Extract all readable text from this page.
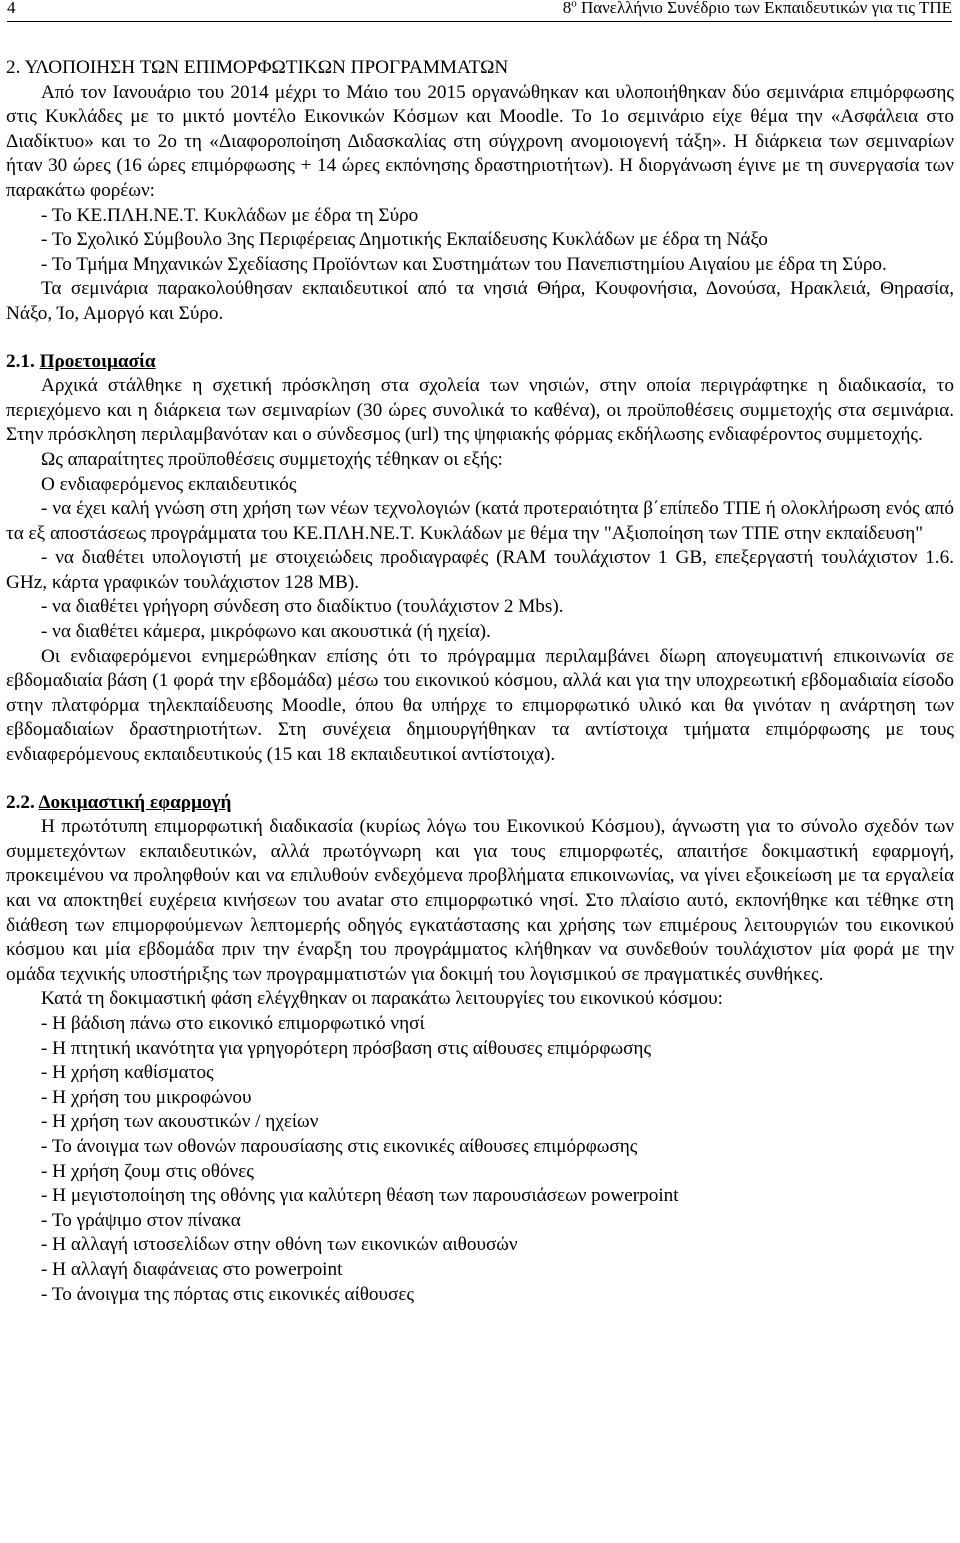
4	$8^o$ Πανελλήνιο Συνέδριο των Εκπαιδευτικών για τις ΤΠΕ
2. ΥΛΟΠΟΙΗΣΗ ΤΩΝ ΕΠΙΜΟΡΦΩΤΙΚΩΝ ΠΡΟΓΡΑΜΜΑΤΩΝ

Από τον Ιανουάριο του 2014 μέχρι το Μάιο του 2015 οργανώθηκαν και υλοποιήθηκαν δύο σεμινάρια επιμόρφωσης στις Κυκλάδες με το μικτό μοντέλο Εικονικών Κόσμων και Moodle. Το 1ο σεμινάριο είχε θέμα την «Ασφάλεια στο Διαδίκτυο» και το 2ο τη «Διαφοροποίηση Διδασκαλίας στη σύγχρονη ανομοιογενή τάξη». Η διάρκεια των σεμιναρίων ήταν 30 ώρες (16 ώρες επιμόρφωσης + 14 ώρες εκπόνησης δραστηριοτήτων). Η διοργάνωση έγινε με τη συνεργασία των παρακάτω φορέων:

- Το ΚΕ.ΠΛΗ.ΝΕ.Τ. Κυκλάδων με έδρα τη Σύρο

- Το Σχολικό Σύμβουλο 3ης Περιφέρειας Δημοτικής Εκπαίδευσης Κυκλάδων με έδρα τη Νάξο

- Το Τμήμα Μηχανικών Σχεδίασης Προϊόντων και Συστημάτων του Πανεπιστημίου Αιγαίου με έδρα τη Σύρο.

Τα σεμινάρια παρακολούθησαν εκπαιδευτικοί από τα νησιά Θήρα, Κουφονήσια, Δονούσα, Ηρακλειά, Θηρασία, Νάξο, Ίο, Αμοργό και Σύρο.

2.1. Προετοιμασία

Αρχικά στάλθηκε η σχετική πρόσκληση στα σχολεία των νησιών, στην οποία περιγράφτηκε η διαδικασία, το περιεχόμενο και η διάρκεια των σεμιναρίων (30 ώρες συνολικά το καθένα), οι προϋποθέσεις συμμετοχής στα σεμινάρια. Στην πρόσκληση περιλαμβανόταν και ο σύνδεσμος (url) της ψηφιακής φόρμας εκδήλωσης ενδιαφέροντος συμμετοχής.

Ως απαραίτητες προϋποθέσεις συμμετοχής τέθηκαν οι εξής:

Ο ενδιαφερόμενος εκπαιδευτικός

- να έχει καλή γνώση στη χρήση των νέων τεχνολογιών (κατά προτεραιότητα β΄επίπεδο ΤΠΕ ή ολοκλήρωση ενός από τα εξ αποστάσεως προγράμματα του ΚΕ.ΠΛΗ.ΝΕ.Τ. Κυκλάδων με θέμα την "Αξιοποίηση των ΤΠΕ στην εκπαίδευση"

- να διαθέτει υπολογιστή με στοιχειώδεις προδιαγραφές (RAM τουλάχιστον 1 GB, επεξεργαστή τουλάχιστον 1.6. GHz, κάρτα γραφικών τουλάχιστον 128 MB).

- να διαθέτει γρήγορη σύνδεση στο διαδίκτυο (τουλάχιστον 2 Mbs).

- να διαθέτει κάμερα, μικρόφωνο και ακουστικά (ή ηχεία).

Οι ενδιαφερόμενοι ενημερώθηκαν επίσης ότι το πρόγραμμα περιλαμβάνει δίωρη απογευματινή επικοινωνία σε εβδομαδιαία βάση (1 φορά την εβδομάδα) μέσω του εικονικού κόσμου, αλλά και για την υποχρεωτική εβδομαδιαία είσοδο στην πλατφόρμα τηλεκπαίδευσης Moodle, όπου θα υπήρχε το επιμορφωτικό υλικό και θα γινόταν η ανάρτηση των εβδομαδιαίων δραστηριοτήτων. Στη συνέχεια δημιουργήθηκαν τα αντίστοιχα τμήματα επιμόρφωσης με τους ενδιαφερόμενους εκπαιδευτικούς (15 και 18 εκπαιδευτικοί αντίστοιχα).

2.2. Δοκιμαστική εφαρμογή

Η πρωτότυπη επιμορφωτική διαδικασία (κυρίως λόγω του Εικονικού Κόσμου), άγνωστη για το σύνολο σχεδόν των συμμετεχόντων εκπαιδευτικών, αλλά πρωτόγνωρη και για τους επιμορφωτές, απαιτήσε δοκιμαστική εφαρμογή, προκειμένου να προληφθούν και να επιλυθούν ενδεχόμενα προβλήματα επικοινωνίας, να γίνει εξοικείωση με τα εργαλεία και να αποκτηθεί ευχέρεια κινήσεων του avatar στο επιμορφωτικό νησί. Στο πλαίσιο αυτό, εκπονήθηκε και τέθηκε στη διάθεση των επιμορφούμενων λεπτομερής οδηγός εγκατάστασης και χρήσης των επιμέρους λειτουργιών του εικονικού κόσμου και μία εβδομάδα πριν την έναρξη του προγράμματος κλήθηκαν να συνδεθούν τουλάχιστον μία φορά με την ομάδα τεχνικής υποστήριξης των προγραμματιστών για δοκιμή του λογισμικού σε πραγματικές συνθήκες.

Κατά τη δοκιμαστική φάση ελέγχθηκαν οι παρακάτω λειτουργίες του εικονικού κόσμου:

- Η βάδιση πάνω στο εικονικό επιμορφωτικό νησί

- Η πτητική ικανότητα για γρηγορότερη πρόσβαση στις αίθουσες επιμόρφωσης

- Η χρήση καθίσματος

- Η χρήση του μικροφώνου

- Η χρήση των ακουστικών / ηχείων

- Το άνοιγμα των οθονών παρουσίασης στις εικονικές αίθουσες επιμόρφωσης

- Η χρήση ζουμ στις οθόνες

- Η μεγιστοποίηση της οθόνης για καλύτερη θέαση των παρουσιάσεων powerpoint

- Το γράψιμο στον πίνακα

- Η αλλαγή ιστοσελίδων στην οθόνη των εικονικών αιθουσών

- Η αλλαγή διαφάνειας στο powerpoint

- Το άνοιγμα της πόρτας στις εικονικές αίθουσες
